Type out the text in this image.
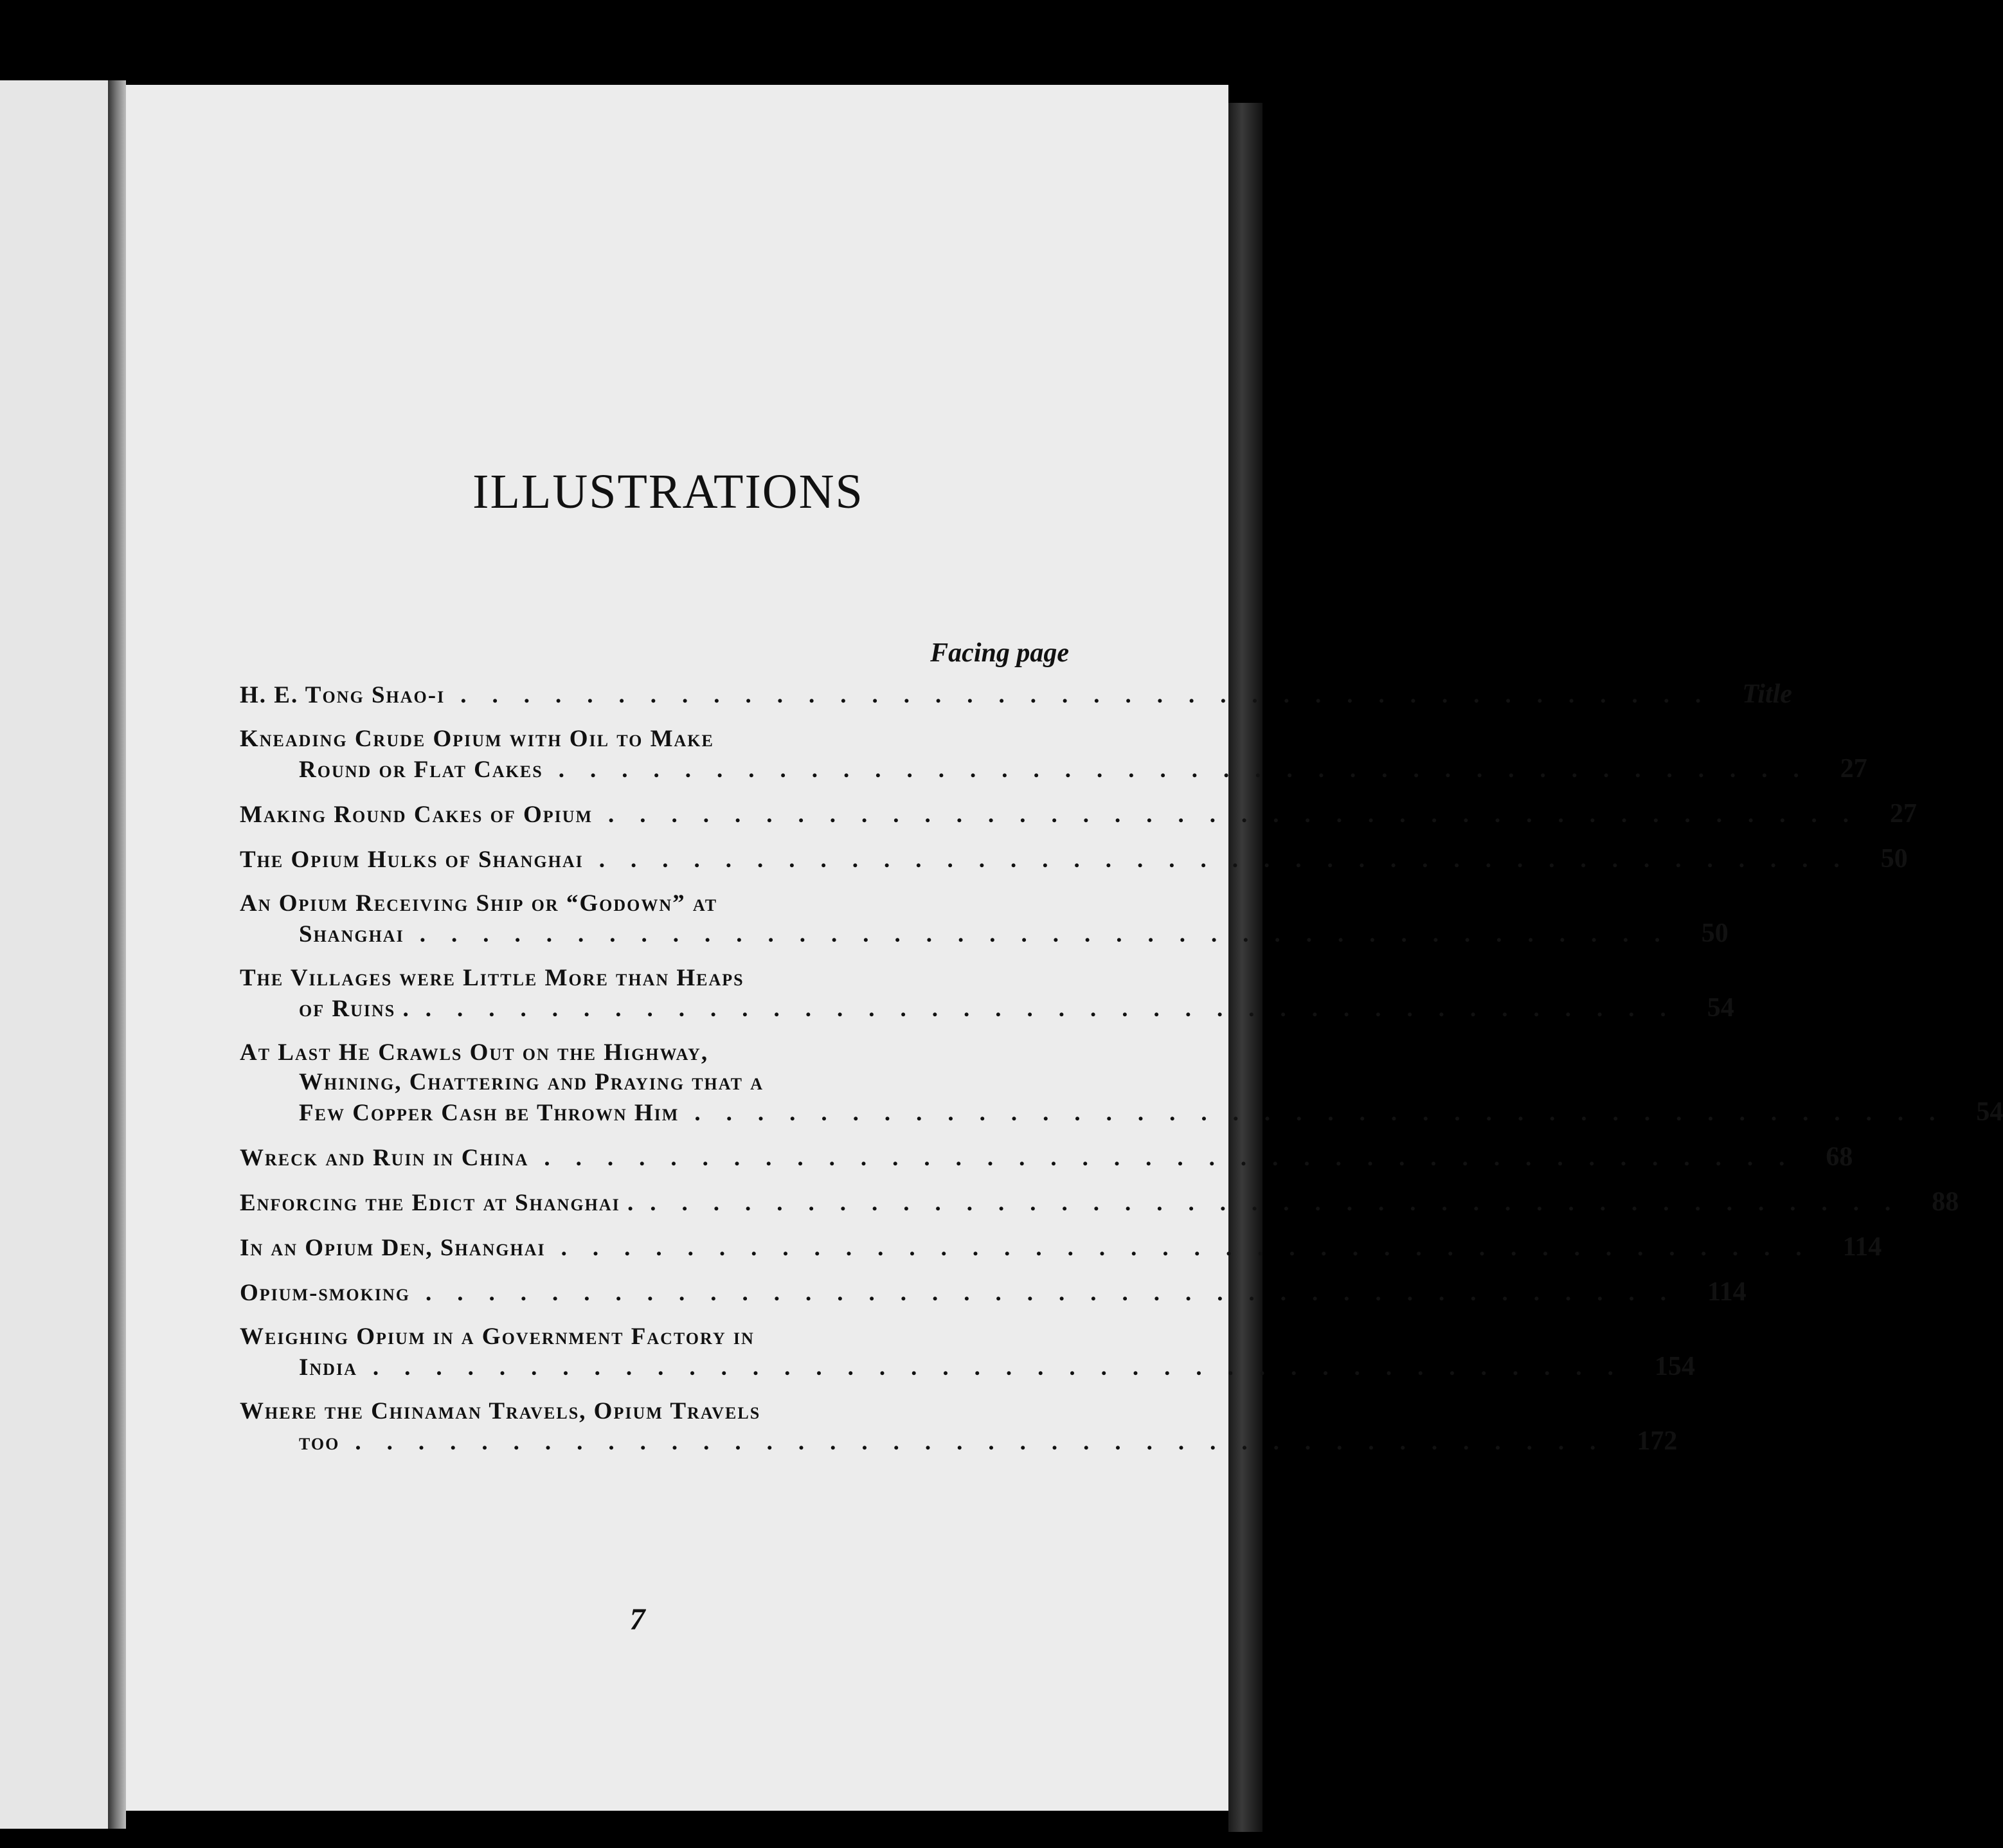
ILLUSTRATIONS
Facing page
H. E. Tong Shao-i ........................................ Title
Kneading Crude Opium with Oil to Make
Round or Flat Cakes ........................................ 27
Making Round Cakes of Opium ........................................ 27
The Opium Hulks of Shanghai ........................................ 50
An Opium Receiving Ship or “Godown” at
Shanghai ........................................ 50
The Villages were Little More than Heaps
of Ruins . ........................................ 54
At Last He Crawls Out on the Highway,
Whining, Chattering and Praying that a
Few Copper Cash be Thrown Him ........................................ 54
Wreck and Ruin in China ........................................ 68
Enforcing the Edict at Shanghai . ........................................ 88
In an Opium Den, Shanghai ........................................ 114
Opium-smoking ........................................ 114
Weighing Opium in a Government Factory in
India ........................................ 154
Where the Chinaman Travels, Opium Travels
too ........................................ 172
7
